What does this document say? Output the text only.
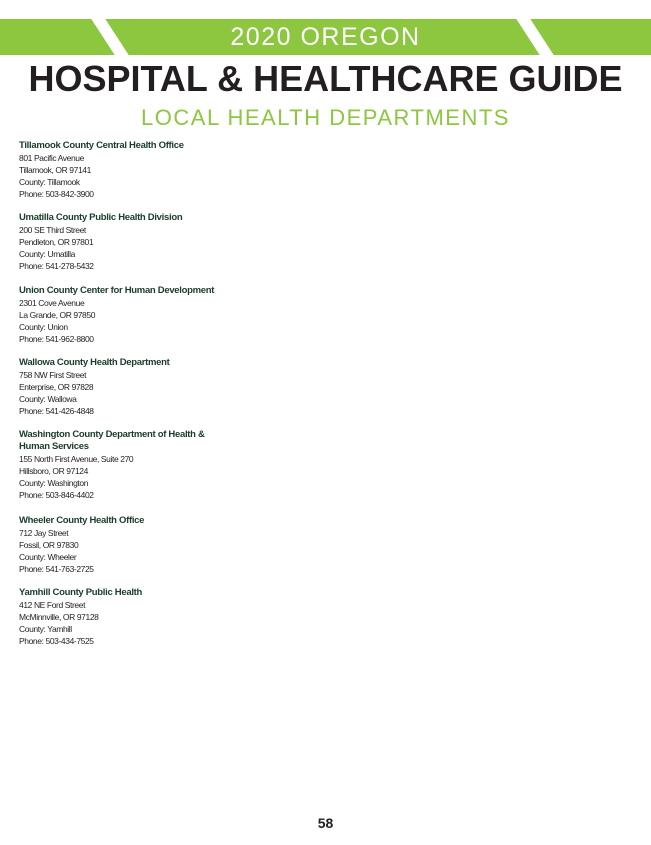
2020 OREGON
HOSPITAL & HEALTHCARE GUIDE
LOCAL HEALTH DEPARTMENTS
Tillamook County Central Health Office
801 Pacific Avenue
Tillamook, OR 97141
County: Tillamook
Phone: 503-842-3900
Umatilla County Public Health Division
200 SE Third Street
Pendleton, OR 97801
County: Umatilla
Phone: 541-278-5432
Union County Center for Human Development
2301 Cove Avenue
La Grande, OR 97850
County: Union
Phone: 541-962-8800
Wallowa County Health Department
758 NW First Street
Enterprise, OR 97828
County: Wallowa
Phone: 541-426-4848
Washington County Department of Health &
Human Services
155 North First Avenue, Suite 270
Hillsboro, OR 97124
County: Washington
Phone: 503-846-4402
Wheeler County Health Office
712 Jay Street
Fossil, OR 97830
County: Wheeler
Phone: 541-763-2725
Yamhill County Public Health
412 NE Ford Street
McMinnville, OR 97128
County: Yamhill
Phone: 503-434-7525
58
